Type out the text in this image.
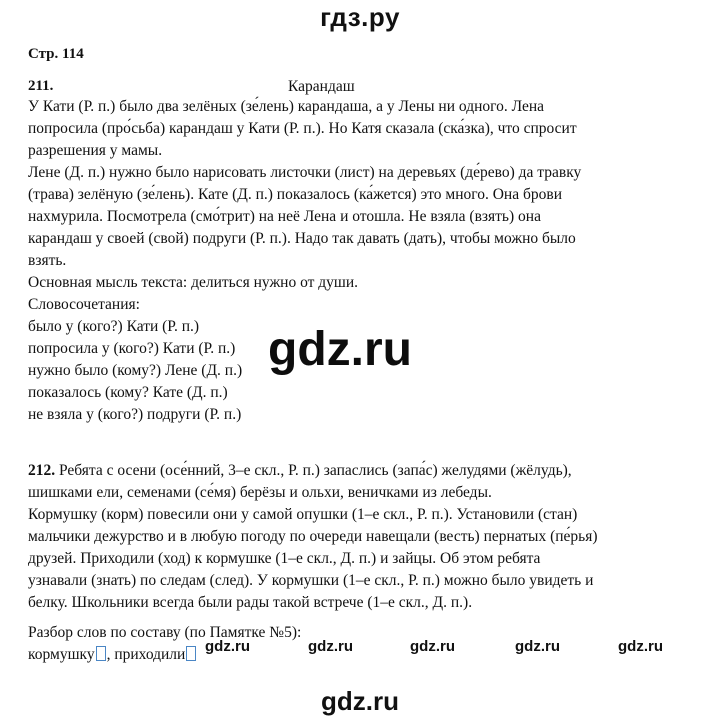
гдз.ру
Стр. 114
211.	Карандаш
У Кати (Р. п.) было два зелёных (зе́лень) карандаша, а у Лены ни одного. Лена
попросила (про́сьба) карандаш у Кати (Р. п.). Но Катя сказала (ска́зка), что спросит
разрешения у мамы.
Лене (Д. п.) нужно было нарисовать листочки (лист) на деревьях (де́рево) да травку
(трава) зелёную (зе́лень). Кате (Д. п.) показалось (ка́жется) это много. Она брови
нахмурила. Посмотрела (смо́трит) на неё Лена и отошла. Не взяла (взять) она
карандаш у своей (свой) подруги (Р. п.). Надо так давать (дать), чтобы можно было
взять.
Основная мысль текста: делиться нужно от души.
Словосочетания:
было у (кого?) Кати (Р. п.)
попросила у (кого?) Кати (Р. п.)
нужно было (кому?) Лене (Д. п.)
показалось (кому? Кате (Д. п.)
не взяла у (кого?) подруги (Р. п.)
gdz.ru
212. Ребята с осени (осе́нний, 3–е скл., Р. п.) запаслись (запа́с) желудями (жёлудь),
шишками ели, семенами (се́мя) берёзы и ольхи, веничками из лебеды.
Кормушку (корм) повесили они у самой опушки (1–е скл., Р. п.). Установили (стан)
мальчики дежурство и в любую погоду по очереди навещали (весть) пернатых (пе́рья)
друзей. Приходили (ход) к кормушке (1–е скл., Д. п.) и зайцы. Об этом ребята
узнавали (знать) по следам (след). У кормушки (1–е скл., Р. п.) можно было увидеть и
белку. Школьники всегда были рады такой встрече (1–е скл., Д. п.).
Разбор слов по составу (по Памятке №5):
кормушку , приходили	gdz.ru	gdz.ru	gdz.ru	gdz.ru	gdz.ru
gdz.ru
